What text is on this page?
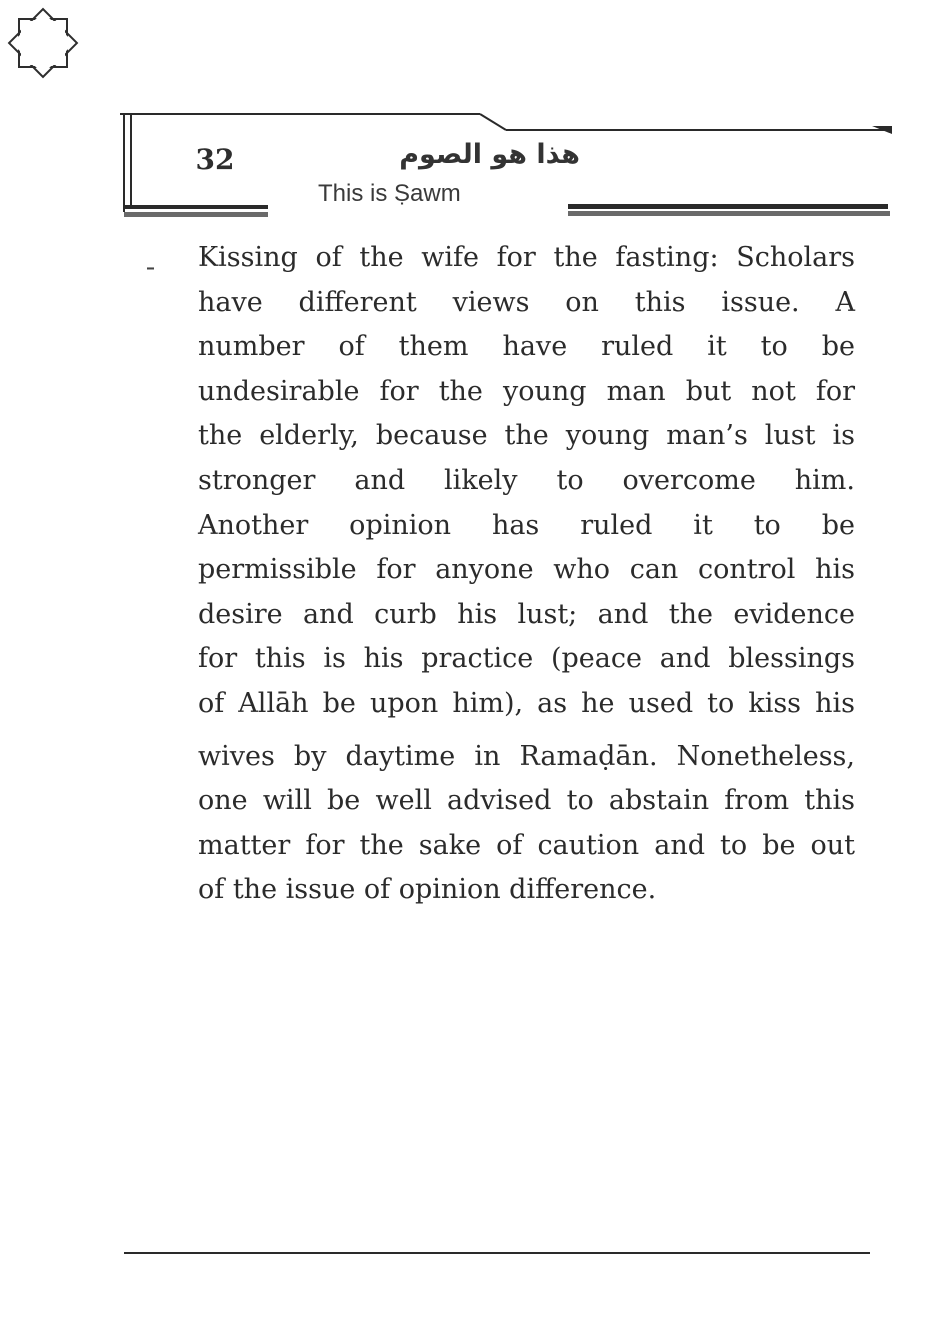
32	هذا هو الصوم
This is Ṣawm
- Kissing of the wife for the fasting: Scholars
have different views on this issue. A
number of them have ruled it to be
undesirable for the young man but not for
the elderly, because the young man’s lust is
stronger and likely to overcome him.
Another opinion has ruled it to be
permissible for anyone who can control his
desire and curb his lust; and the evidence
for this is his practice (peace and blessings
of Allāh be upon him), as he used to kiss his
wives by daytime in Ramaḍān. Nonetheless,
one will be well advised to abstain from this
matter for the sake of caution and to be out
of the issue of opinion difference.
